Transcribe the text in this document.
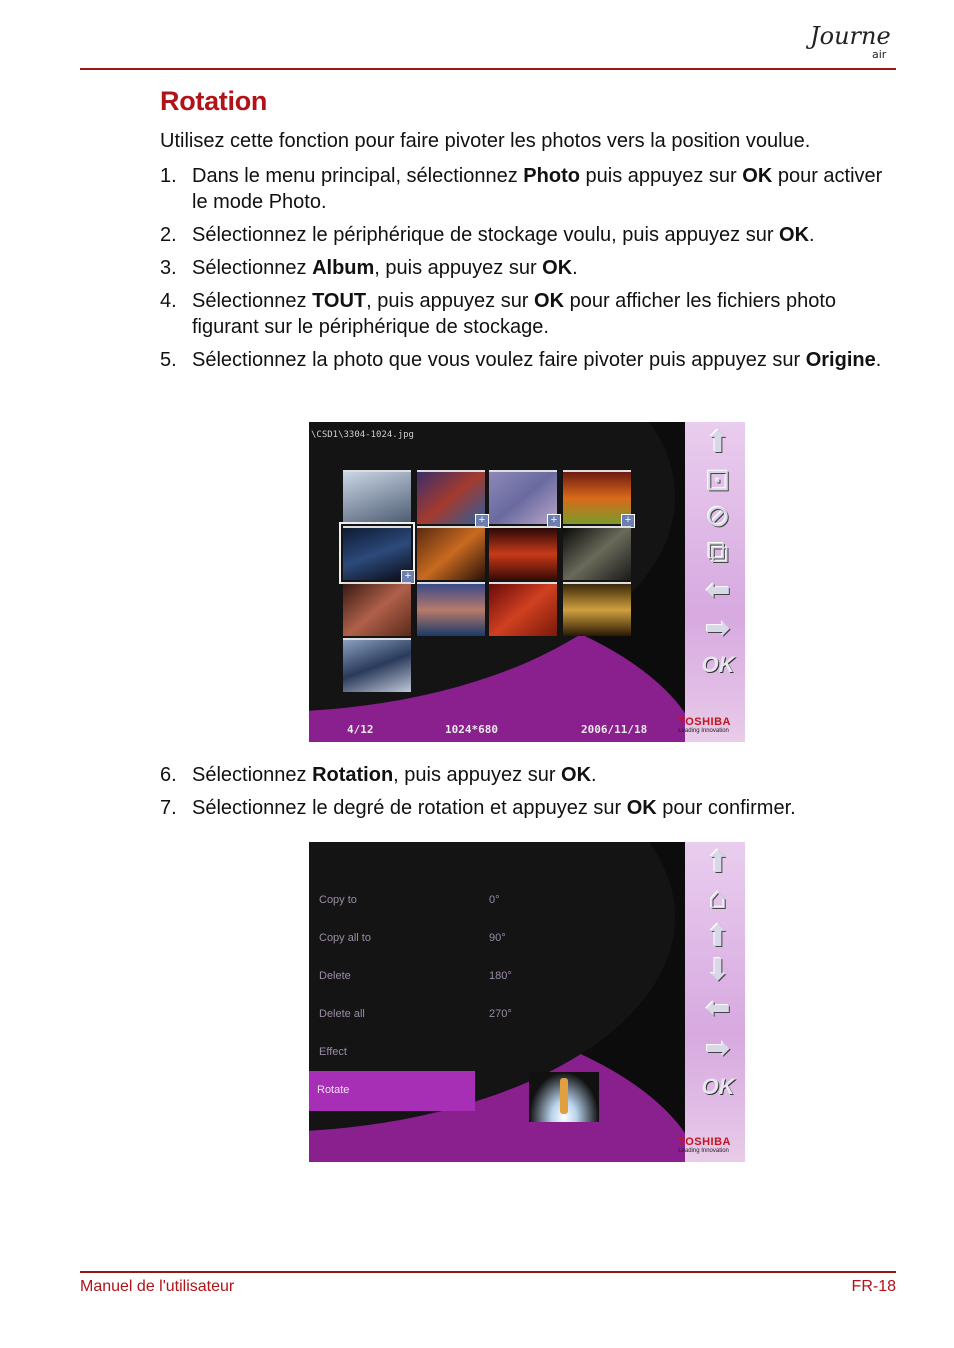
Journe
air
Rotation

Utilisez cette fonction pour faire pivoter les photos vers la position voulue.

1. Dans le menu principal, sélectionnez Photo puis appuyez sur OK pour activer le mode Photo.
2. Sélectionnez le périphérique de stockage voulu, puis appuyez sur OK.
3. Sélectionnez Album, puis appuyez sur OK.
4. Sélectionnez TOUT, puis appuyez sur OK pour afficher les fichiers photo figurant sur le périphérique de stockage.
5. Sélectionnez la photo que vous voulez faire pivoter puis appuyez sur Origine.
\CSD1\3304-1024.jpg
+	+	+
+
4/12	1024*680	2006/11/18
⬆
⊡
⊘
⧉
⬅
➡
OK
TOSHIBA
Leading Innovation
6. Sélectionnez Rotation, puis appuyez sur OK.
7. Sélectionnez le degré de rotation et appuyez sur OK pour confirmer.
Copy to
Copy all to
Delete
Delete all
Effect
0°
90°
180°
270°
Rotate
⬆
⌂
⬆
⬇
⬅
➡
OK
TOSHIBA
Leading Innovation
Manuel de l'utilisateur	FR-18
